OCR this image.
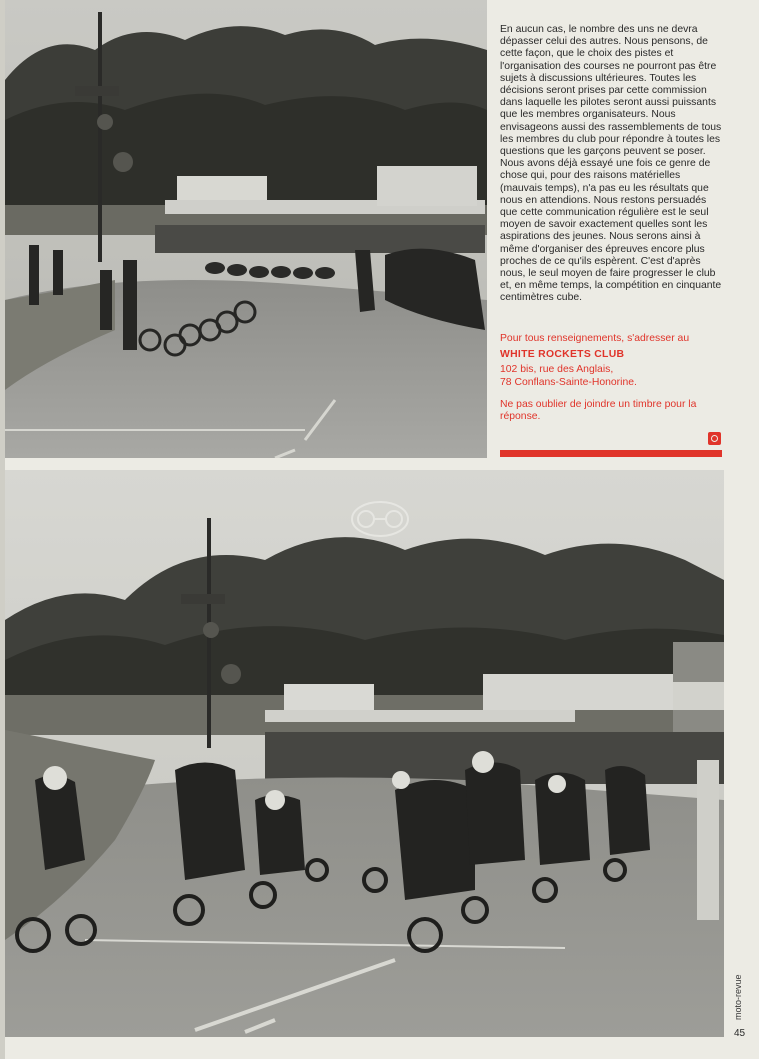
En aucun cas, le nombre des uns ne devra dépasser celui des autres. Nous pensons, de cette façon, que le choix des pistes et l'organisation des courses ne pourront pas être sujets à discussions ultérieures. Toutes les décisions seront prises par cette commission dans laquelle les pilotes seront aussi puissants que les membres organisateurs. Nous envisageons aussi des rassemblements de tous les membres du club pour répondre à toutes les questions que les garçons peuvent se poser. Nous avons déjà essayé une fois ce genre de chose qui, pour des raisons matérielles (mauvais temps), n'a pas eu les résultats que nous en attendions. Nous restons persuadés que cette communication régulière est le seul moyen de savoir exactement quelles sont les aspirations des jeunes. Nous serons ainsi à même d'organiser des épreuves encore plus proches de ce qu'ils espèrent. C'est d'après nous, le seul moyen de faire progresser le club et, en même temps, la compétition en cinquante centimètres cube.

Pour tous renseignements, s'adresser au

WHITE ROCKETS CLUB

102 bis, rue des Anglais,

78 Conflans-Sainte-Honorine.

Ne pas oublier de joindre un timbre pour la réponse.

moto-revue
45
